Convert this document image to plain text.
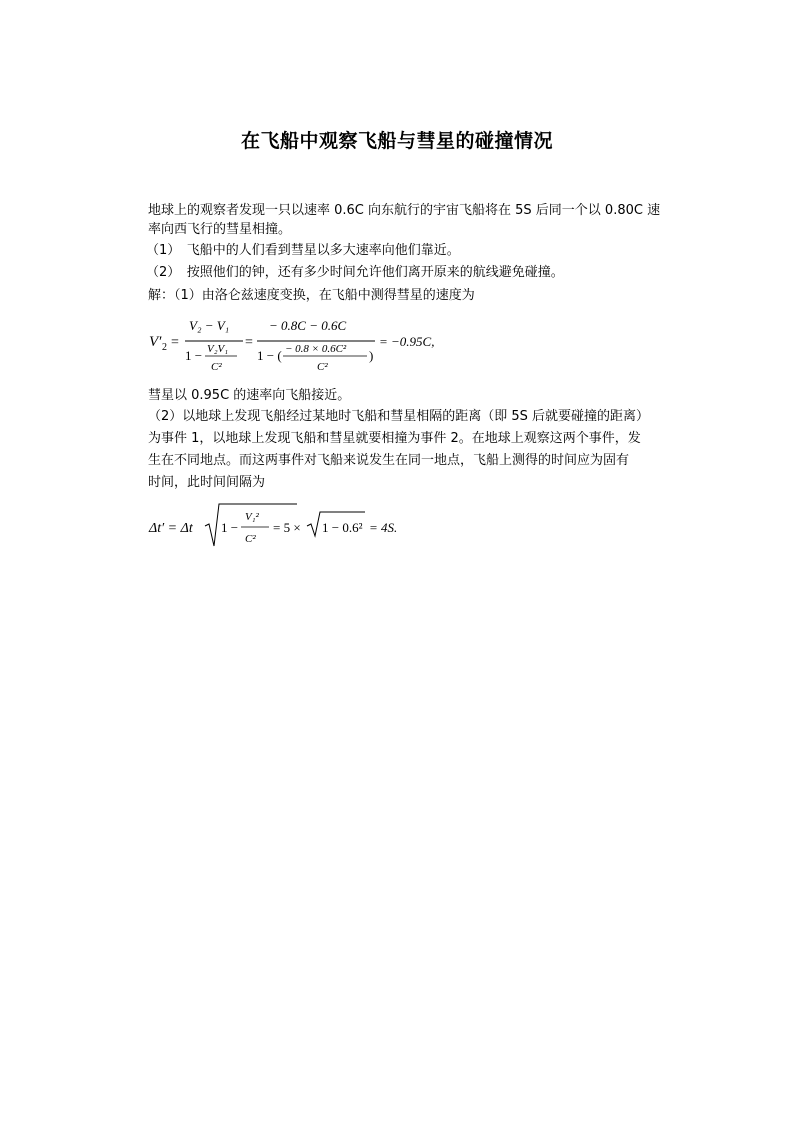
在飞船中观察飞船与彗星的碰撞情况
地球上的观察者发现一只以速率 0.6C 向东航行的宇宙飞船将在 5S 后同一个以 0.80C 速
率向西飞行的彗星相撞。
（1）　飞船中的人们看到彗星以多大速率向他们靠近。
（2）　按照他们的钟，还有多少时间允许他们离开原来的航线避免碰撞。
解：（1）由洛仑兹速度变换，在飞船中测得彗星的速度为
V′ 2 =
V₂ − V₁
1 − V₂V₁
C²
=
− 0.8C − 0.6C
1 − ( − 0.8 × 0.6C²
C²
)
= −0.95C,
彗星以 0.95C 的速率向飞船接近。
（2）以地球上发现飞船经过某地时飞船和彗星相隔的距离（即 5S 后就要碰撞的距离）
为事件 1，以地球上发现飞船和彗星就要相撞为事件 2。在地球上观察这两个事件，发
生在不同地点。而这两事件对飞船来说发生在同一地点，飞船上测得的时间应为固有
时间，此时间间隔为
Δt′ = Δt 1 −
V₁²
C²
= 5 × 1 − 0.6² = 4S.
